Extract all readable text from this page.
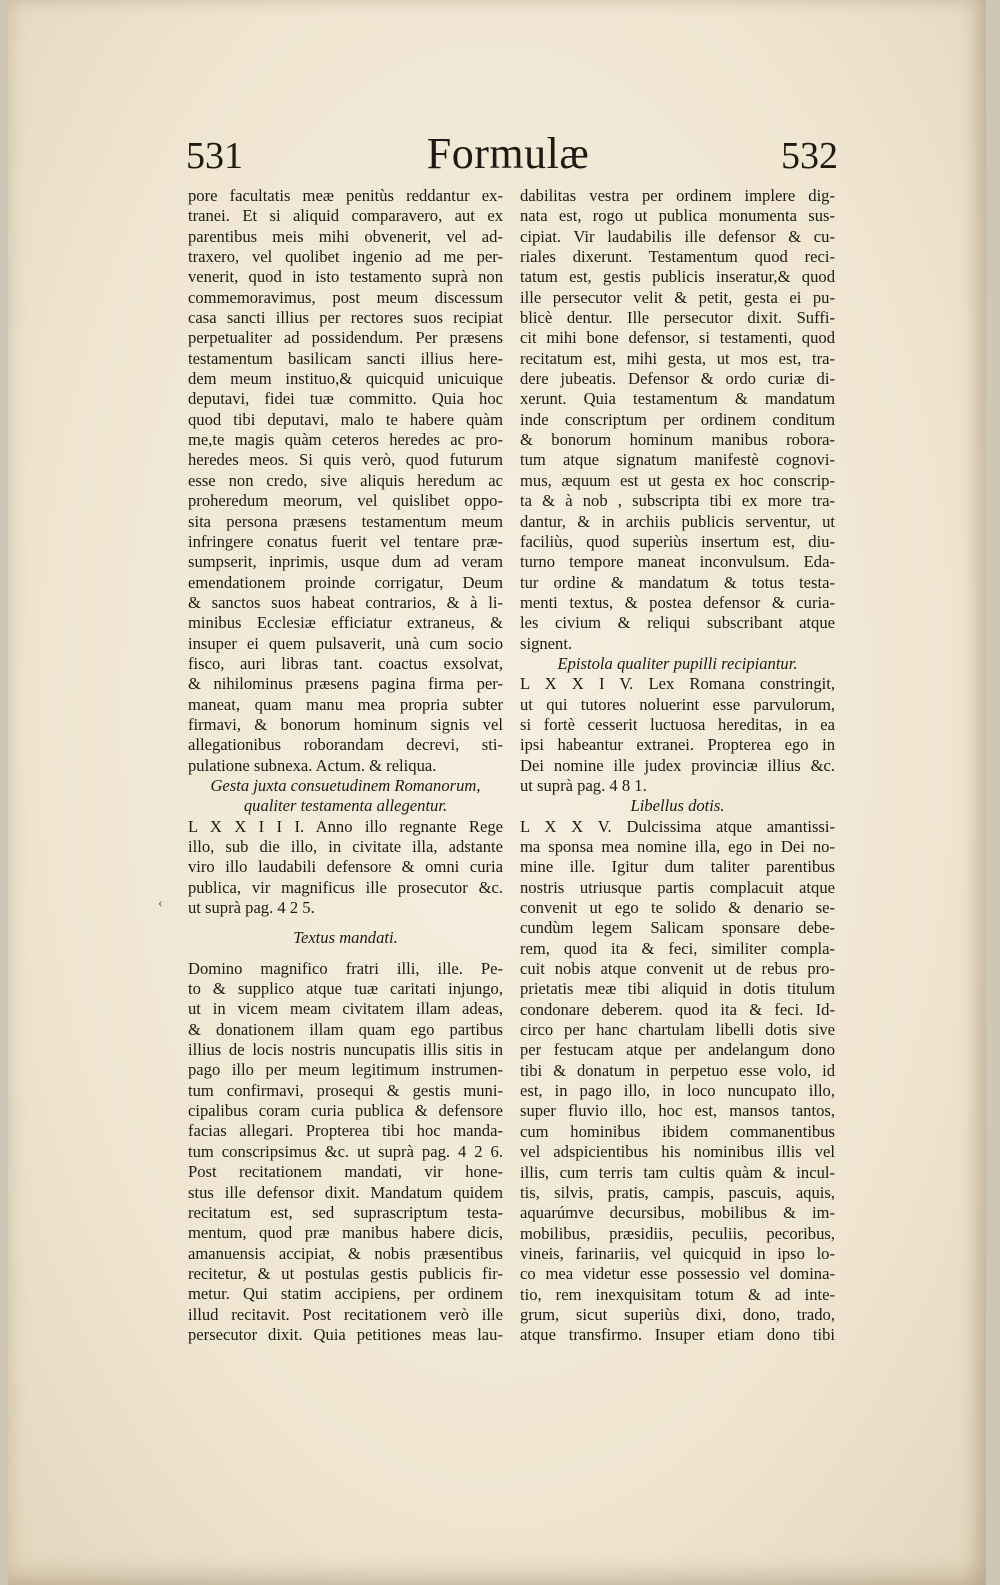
531	Formulæ	532
‹
pore facultatis meæ penitùs reddantur ex-
tranei. Et si aliquid comparavero, aut ex
parentibus meis mihi obvenerit, vel ad-
traxero, vel quolibet ingenio ad me per-
venerit, quod in isto testamento suprà non
commemoravimus, post meum discessum
casa sancti illius per rectores suos recipiat
perpetualiter ad possidendum. Per præsens
testamentum basilicam sancti illius here-
dem meum instituo,& quicquid unicuique
deputavi, fidei tuæ committo. Quia hoc
quod tibi deputavi, malo te habere quàm
me,te magis quàm ceteros heredes ac pro-
heredes meos. Si quis verò, quod futurum
esse non credo, sive aliquis heredum ac
proheredum meorum, vel quislibet oppo-
sita persona præsens testamentum meum
infringere conatus fuerit vel tentare præ-
sumpserit, inprimis, usque dum ad veram
emendationem proinde corrigatur, Deum
& sanctos suos habeat contrarios, & à li-
minibus Ecclesiæ efficiatur extraneus, &
insuper ei quem pulsaverit, unà cum socio
fisco, auri libras tant. coactus exsolvat,
& nihilominus præsens pagina firma per-
maneat, quam manu mea propria subter
firmavi, & bonorum hominum signis vel
allegationibus roborandam decrevi, sti-
pulatione subnexa. Actum. & reliqua.
Gesta juxta consuetudinem Romanorum,
qualiter testamenta allegentur.
L X X I I I. Anno illo regnante Rege
illo, sub die illo, in civitate illa, adstante
viro illo laudabili defensore & omni curia
publica, vir magnificus ille prosecutor &c.
ut suprà pag. 4 2 5.
Textus mandati.
Domino magnifico fratri illi, ille. Pe-
to & supplico atque tuæ caritati injungo,
ut in vicem meam civitatem illam adeas,
& donationem illam quam ego partibus
illius de locis nostris nuncupatis illis sitis in
pago illo per meum legitimum instrumen-
tum confirmavi, prosequi & gestis muni-
cipalibus coram curia publica & defensore
facias allegari. Propterea tibi hoc manda-
tum conscripsimus &c. ut suprà pag. 4 2 6.
Post recitationem mandati, vir hone-
stus ille defensor dixit. Mandatum quidem
recitatum est, sed suprascriptum testa-
mentum, quod præ manibus habere dicis,
amanuensis accipiat, & nobis præsentibus
recitetur, & ut postulas gestis publicis fir-
metur. Qui statim accipiens, per ordinem
illud recitavit. Post recitationem verò ille
persecutor dixit. Quia petitiones meas lau-
dabilitas vestra per ordinem implere dig-
nata est, rogo ut publica monumenta sus-
cipiat. Vir laudabilis ille defensor & cu-
riales dixerunt. Testamentum quod reci-
tatum est, gestis publicis inseratur,& quod
ille persecutor velit & petit, gesta ei pu-
blicè dentur. Ille persecutor dixit. Suffi-
cit mihi bone defensor, si testamenti, quod
recitatum est, mihi gesta, ut mos est, tra-
dere jubeatis. Defensor & ordo curiæ di-
xerunt. Quia testamentum & mandatum
inde conscriptum per ordinem conditum
& bonorum hominum manibus robora-
tum atque signatum manifestè cognovi-
mus, æquum est ut gesta ex hoc conscrip-
ta & à nob , subscripta tibi ex more tra-
dantur, & in archiis publicis serventur, ut
faciliùs, quod superiùs insertum est, diu-
turno tempore maneat inconvulsum. Eda-
tur ordine & mandatum & totus testa-
menti textus, & postea defensor & curia-
les civium & reliqui subscribant atque
signent.
Epistola qualiter pupilli recipiantur.
L X X I V. Lex Romana constringit,
ut qui tutores noluerint esse parvulorum,
si fortè cesserit luctuosa hereditas, in ea
ipsi habeantur extranei. Propterea ego in
Dei nomine ille judex provinciæ illius &c.
ut suprà pag. 4 8 1.
Libellus dotis.
L X X V. Dulcissima atque amantissi-
ma sponsa mea nomine illa, ego in Dei no-
mine ille. Igitur dum taliter parentibus
nostris utriusque partis complacuit atque
convenit ut ego te solido & denario se-
cundùm legem Salicam sponsare debe-
rem, quod ita & feci, similiter compla-
cuit nobis atque convenit ut de rebus pro-
prietatis meæ tibi aliquid in dotis titulum
condonare deberem. quod ita & feci. Id-
circo per hanc chartulam libelli dotis sive
per festucam atque per andelangum dono
tibi & donatum in perpetuo esse volo, id
est, in pago illo, in loco nuncupato illo,
super fluvio illo, hoc est, mansos tantos,
cum hominibus ibidem commanentibus
vel adspicientibus his nominibus illis vel
illis, cum terris tam cultis quàm & incul-
tis, silvis, pratis, campis, pascuis, aquis,
aquarúmve decursibus, mobilibus & im-
mobilibus, præsidiis, peculiis, pecoribus,
vineis, farinariis, vel quicquid in ipso lo-
co mea videtur esse possessio vel domina-
tio, rem inexquisitam totum & ad inte-
grum, sicut superiùs dixi, dono, trado,
atque transfirmo. Insuper etiam dono tibi
